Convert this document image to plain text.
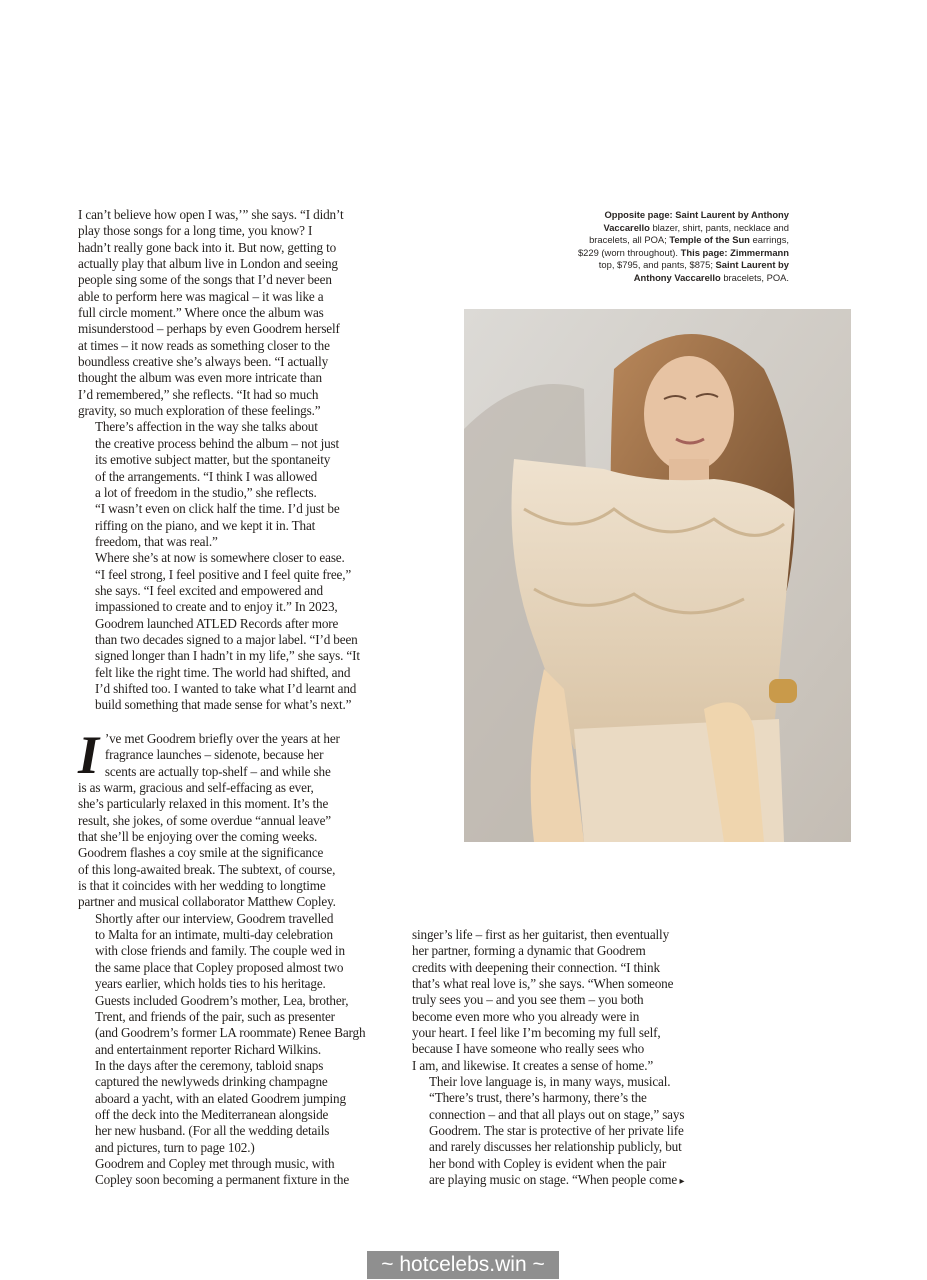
I can’t believe how open I was,’” she says. “I didn’t
play those songs for a long time, you know? I
hadn’t really gone back into it. But now, getting to
actually play that album live in London and seeing
people sing some of the songs that I’d never been
able to perform here was magical – it was like a
full circle moment.” Where once the album was
misunderstood – perhaps by even Goodrem herself
at times – it now reads as something closer to the
boundless creative she’s always been. “I actually
thought the album was even more intricate than
I’d remembered,” she reflects. “It had so much
gravity, so much exploration of these feelings.”

There’s affection in the way she talks about
the creative process behind the album – not just
its emotive subject matter, but the spontaneity
of the arrangements. “I think I was allowed
a lot of freedom in the studio,” she reflects.
“I wasn’t even on click half the time. I’d just be
riffing on the piano, and we kept it in. That
freedom, that was real.”

Where she’s at now is somewhere closer to ease.
“I feel strong, I feel positive and I feel quite free,”
she says. “I feel excited and empowered and
impassioned to create and to enjoy it.” In 2023,
Goodrem launched ATLED Records after more
than two decades signed to a major label. “I’d been
signed longer than I hadn’t in my life,” she says. “It
felt like the right time. The world had shifted, and
I’d shifted too. I wanted to take what I’d learnt and
build something that made sense for what’s next.”

I ’ve met Goodrem briefly over the years at her
fragrance launches – sidenote, because her
scents are actually top-shelf – and while she

is as warm, gracious and self-effacing as ever,
she’s particularly relaxed in this moment. It’s the
result, she jokes, of some overdue “annual leave”
that she’ll be enjoying over the coming weeks.
Goodrem flashes a coy smile at the significance
of this long-awaited break. The subtext, of course,
is that it coincides with her wedding to longtime
partner and musical collaborator Matthew Copley.

Shortly after our interview, Goodrem travelled
to Malta for an intimate, multi-day celebration
with close friends and family. The couple wed in
the same place that Copley proposed almost two
years earlier, which holds ties to his heritage.
Guests included Goodrem’s mother, Lea, brother,
Trent, and friends of the pair, such as presenter
(and Goodrem’s former LA roommate) Renee Bargh
and entertainment reporter Richard Wilkins.
In the days after the ceremony, tabloid snaps
captured the newlyweds drinking champagne
aboard a yacht, with an elated Goodrem jumping
off the deck into the Mediterranean alongside
her new husband. (For all the wedding details
and pictures, turn to page 102.)

Goodrem and Copley met through music, with
Copley soon becoming a permanent fixture in the

singer’s life – first as her guitarist, then eventually
her partner, forming a dynamic that Goodrem
credits with deepening their connection. “I think
that’s what real love is,” she says. “When someone
truly sees you – and you see them – you both
become even more who you already were in
your heart. I feel like I’m becoming my full self,
because I have someone who really sees who
I am, and likewise. It creates a sense of home.”

Their love language is, in many ways, musical.
“There’s trust, there’s harmony, there’s the
connection – and that all plays out on stage,” says
Goodrem. The star is protective of her private life
and rarely discusses her relationship publicly, but
her bond with Copley is evident when the pair
are playing music on stage. “When people come ▸

Opposite page: Saint Laurent by Anthony
Vaccarello blazer, shirt, pants, necklace and
bracelets, all POA; Temple of the Sun earrings,
$229 (worn throughout). This page: Zimmermann
top, $795, and pants, $875; Saint Laurent by
Anthony Vaccarello bracelets, POA.
~ hotcelebs.win ~
